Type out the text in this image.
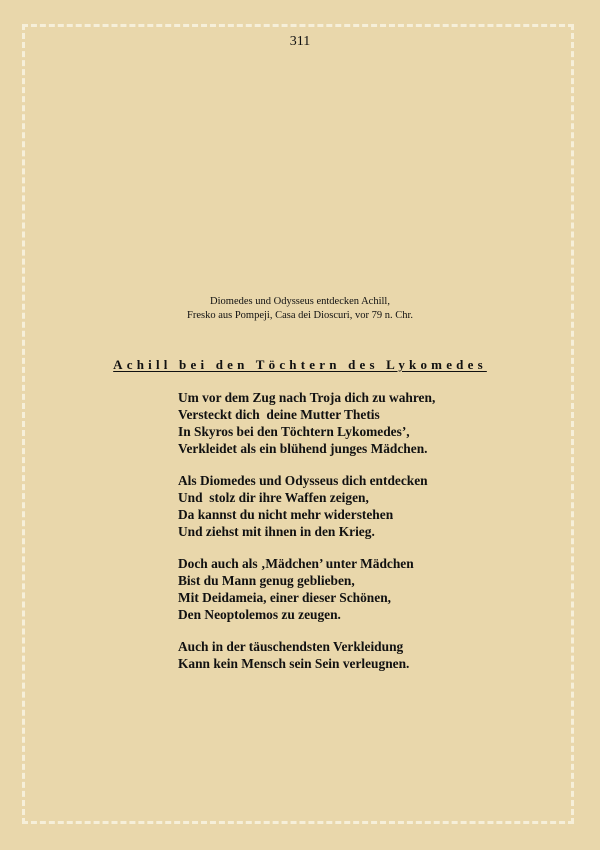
311
Diomedes und Odysseus entdecken Achill,
Fresko aus Pompeji, Casa dei Dioscuri, vor 79 n. Chr.
Achill bei den Töchtern des Lykomedes
Um vor dem Zug nach Troja dich zu wahren,
Versteckt dich  deine Mutter Thetis
In Skyros bei den Töchtern Lykomedes’,
Verkleidet als ein blühend junges Mädchen.
Als Diomedes und Odysseus dich entdecken
Und  stolz dir ihre Waffen zeigen,
Da kannst du nicht mehr widerstehen
Und ziehst mit ihnen in den Krieg.
Doch auch als ‚Mädchen’ unter Mädchen
Bist du Mann genug geblieben,
Mit Deidameia, einer dieser Schönen,
Den Neoptolemos zu zeugen.
Auch in der täuschendsten Verkleidung
Kann kein Mensch sein Sein verleugnen.
